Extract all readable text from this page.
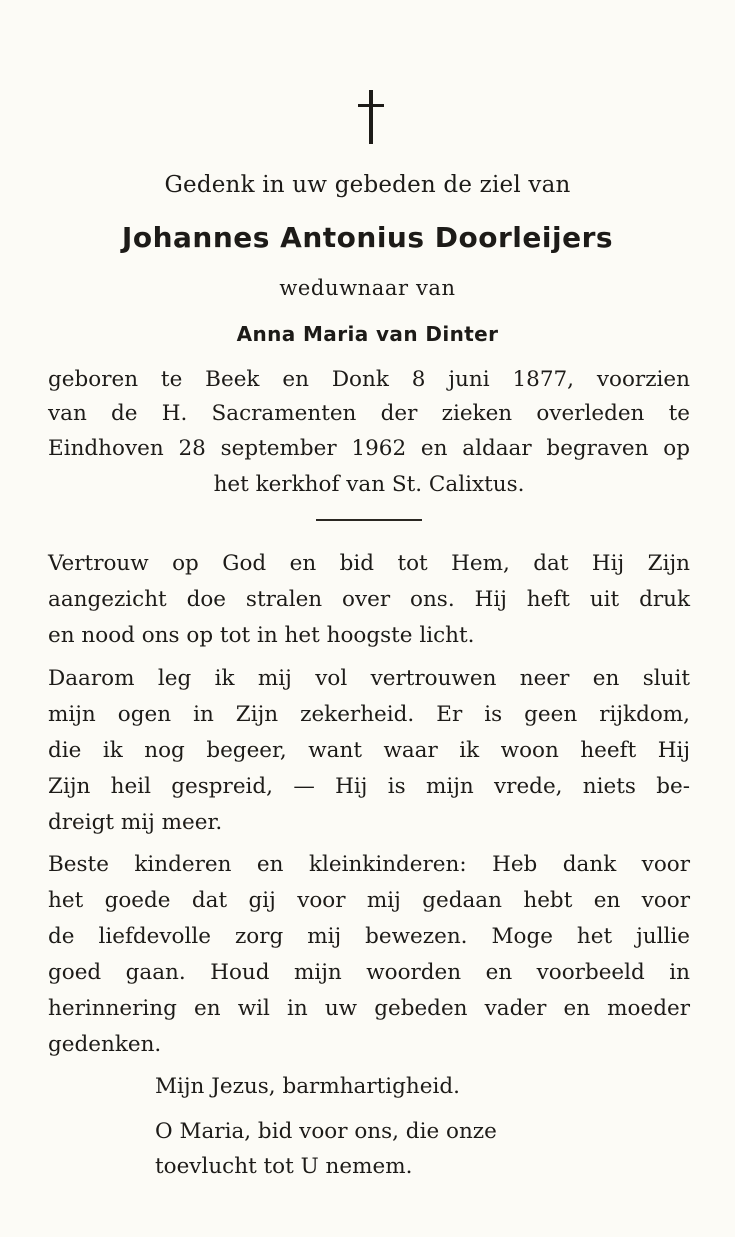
Gedenk in uw gebeden de ziel van
Johannes Antonius Doorleijers
weduwnaar van
Anna Maria van Dinter
geboren te Beek en Donk 8 juni 1877, voorzien
van de H. Sacramenten der zieken overleden te
Eindhoven 28 september 1962 en aldaar begraven op
het kerkhof van St. Calixtus.
Vertrouw op God en bid tot Hem, dat Hij Zijn
aangezicht doe stralen over ons. Hij heft uit druk
en nood ons op tot in het hoogste licht.
Daarom leg ik mij vol vertrouwen neer en sluit
mijn ogen in Zijn zekerheid. Er is geen rijkdom,
die ik nog begeer, want waar ik woon heeft Hij
Zijn heil gespreid, — Hij is mijn vrede, niets be-
dreigt mij meer.
Beste kinderen en kleinkinderen: Heb dank voor
het goede dat gij voor mij gedaan hebt en voor
de liefdevolle zorg mij bewezen. Moge het jullie
goed gaan. Houd mijn woorden en voorbeeld in
herinnering en wil in uw gebeden vader en moeder
gedenken.
Mijn Jezus, barmhartigheid.
O Maria, bid voor ons, die onze
toevlucht tot U nemem.
